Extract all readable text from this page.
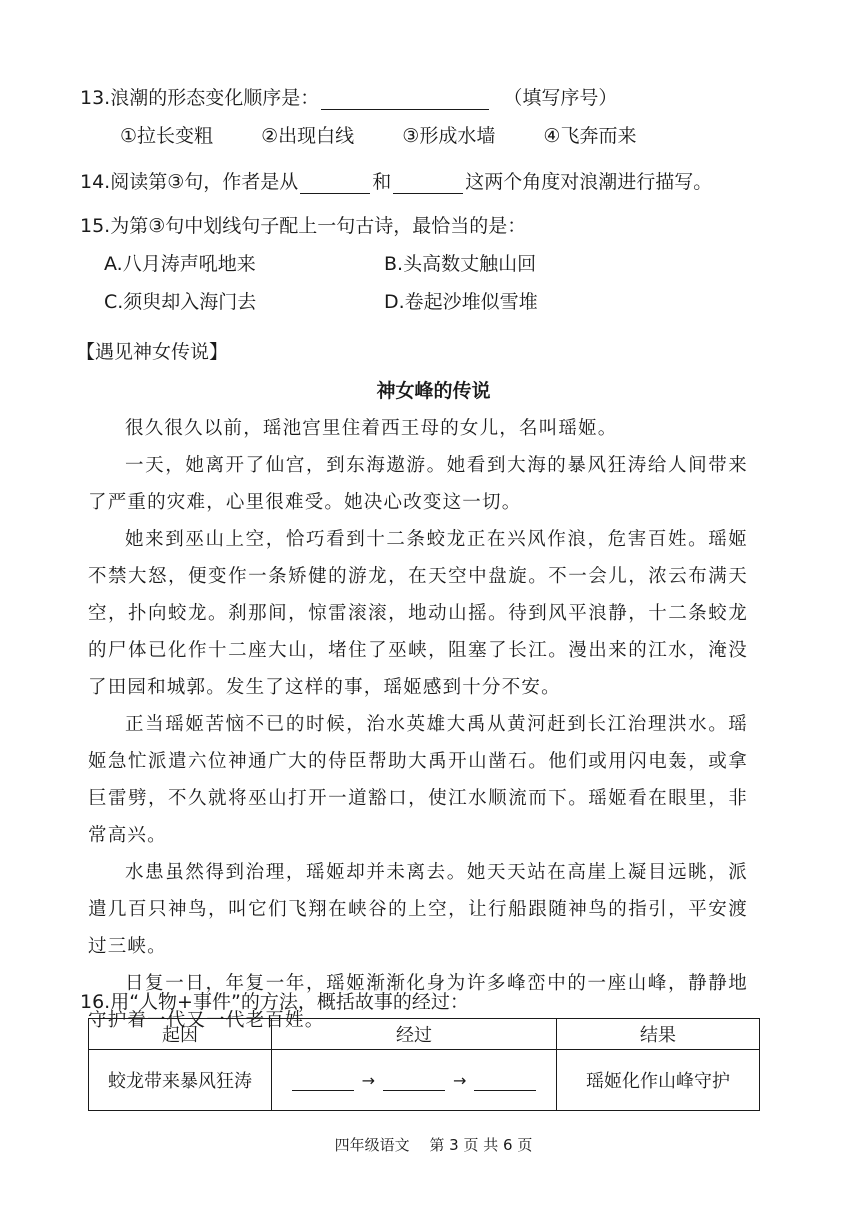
13.浪潮的形态变化顺序是：	（填写序号）
①拉长变粗	②出现白线	③形成水墙	④飞奔而来
14.阅读第③句，作者是从	和	这两个角度对浪潮进行描写。
15.为第③句中划线句子配上一句古诗，最恰当的是：
A.八月涛声吼地来	B.头高数丈触山回
C.须臾却入海门去	D.卷起沙堆似雪堆
【遇见神女传说】
神女峰的传说

很久很久以前，瑶池宫里住着西王母的女儿，名叫瑶姬。

一天，她离开了仙宫，到东海遨游。她看到大海的暴风狂涛给人间带来了严重的灾难，心里很难受。她决心改变这一切。

她来到巫山上空，恰巧看到十二条蛟龙正在兴风作浪，危害百姓。瑶姬不禁大怒，便变作一条矫健的游龙，在天空中盘旋。不一会儿，浓云布满天空，扑向蛟龙。刹那间，惊雷滚滚，地动山摇。待到风平浪静，十二条蛟龙的尸体已化作十二座大山，堵住了巫峡，阻塞了长江。漫出来的江水，淹没了田园和城郭。发生了这样的事，瑶姬感到十分不安。

正当瑶姬苦恼不已的时候，治水英雄大禹从黄河赶到长江治理洪水。瑶姬急忙派遣六位神通广大的侍臣帮助大禹开山凿石。他们或用闪电轰，或拿巨雷劈，不久就将巫山打开一道豁口，使江水顺流而下。瑶姬看在眼里，非常高兴。

水患虽然得到治理，瑶姬却并未离去。她天天站在高崖上凝目远眺，派遣几百只神鸟，叫它们飞翔在峡谷的上空，让行船跟随神鸟的指引，平安渡过三峡。

日复一日，年复一年，瑶姬渐渐化身为许多峰峦中的一座山峰，静静地守护着一代又一代老百姓。

16.用“人物+事件”的方法，概括故事的经过：
起因	经过	结果
蛟龙带来暴风狂涛	→ →	瑶姬化作山峰守护
四年级语文　 第 3 页 共 6 页
